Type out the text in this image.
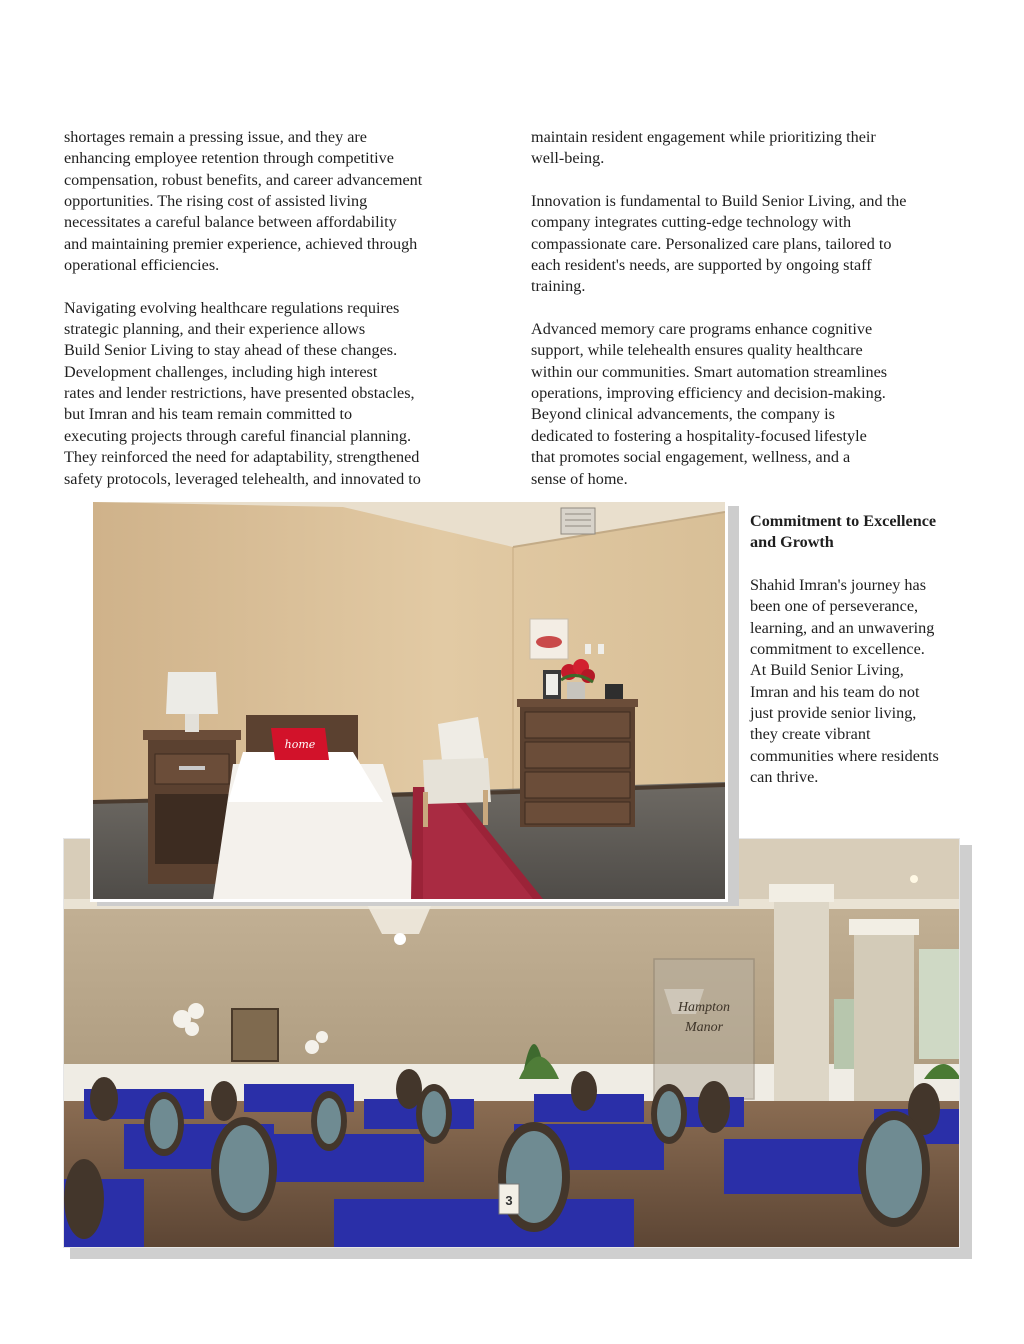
shortages remain a pressing issue, and they are
enhancing employee retention through competitive
compensation, robust benefits, and career advancement
opportunities. The rising cost of assisted living
necessitates a careful balance between affordability
and maintaining premier experience, achieved through
operational efficiencies.

Navigating evolving healthcare regulations requires
strategic planning, and their experience allows
Build Senior Living to stay ahead of these changes.
Development challenges, including high interest
rates and lender restrictions, have presented obstacles,
but Imran and his team remain committed to
executing projects through careful financial planning.
They reinforced the need for adaptability, strengthened
safety protocols, leveraged telehealth, and innovated to

maintain resident engagement while prioritizing their
well-being.

Innovation is fundamental to Build Senior Living, and the
company integrates cutting-edge technology with
compassionate care. Personalized care plans, tailored to
each resident's needs, are supported by ongoing staff
training.

Advanced memory care programs enhance cognitive
support, while telehealth ensures quality healthcare
within our communities. Smart automation streamlines
operations, improving efficiency and decision-making.
Beyond clinical advancements, the company is
dedicated to fostering a hospitality-focused lifestyle
that promotes social engagement, wellness, and a
sense of home.

Commitment to Excellence
and Growth

Shahid Imran's journey has
been one of perseverance,
learning, and an unwavering
commitment to excellence.
At Build Senior Living,
Imran and his team do not
just provide senior living,
they create vibrant
communities where residents
can thrive.

Hampton
Manor
3
home
